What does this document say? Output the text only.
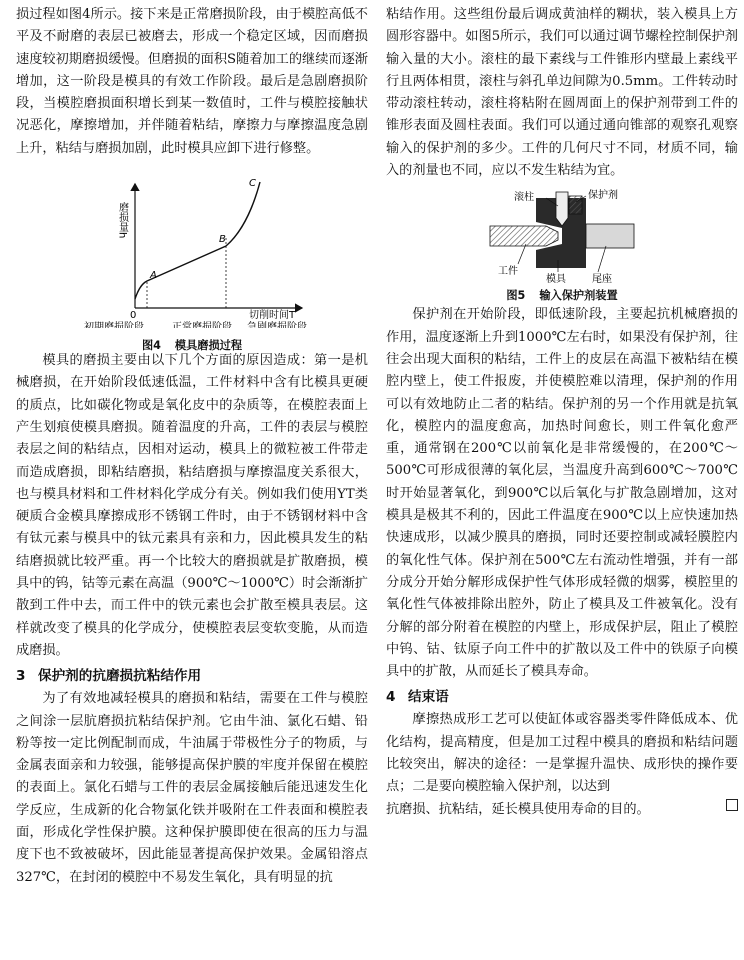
损过程如图4所示。接下来是正常磨损阶段，由于模腔高低不平及不耐磨的表层已被磨去，形成一个稳定区域，因而磨损速度较初期磨损缓慢。但磨损的面积S随着加工的继续而逐渐增加，这一阶段是模具的有效工作阶段。最后是急剧磨损阶段，当模腔磨损面积增长到某一数值时，工件与模腔接触状况恶化，摩擦增加，并伴随着粘结，摩擦力与摩擦温度急剧上升，粘结与磨损加剧，此时模具应卸下进行修整。

磨损量h
A
B
C
0	切削时间T
初期磨损阶段	正常磨损阶段 急剧磨损阶段
图4 模具磨损过程

模具的磨损主要由以下几个方面的原因造成：第一是机械磨损，在开始阶段低速低温，工件材料中含有比模具更硬的质点，比如碳化物或是氧化皮中的杂质等，在模腔表面上产生划痕使模具磨损。随着温度的升高，工件的表层与模腔表层之间的粘结点，因相对运动，模具上的微粒被工件带走而造成磨损，即粘结磨损，粘结磨损与摩擦温度关系很大，也与模具材料和工件材料化学成分有关。例如我们使用YT类硬质合金模具摩擦成形不锈钢工件时，由于不锈钢材料中含有钛元素与模具中的钛元素具有亲和力，因此模具发生的粘结磨损就比较严重。再一个比较大的磨损就是扩散磨损，模具中的钨，钴等元素在高温（900℃～1000℃）时会渐渐扩散到工件中去，而工件中的铁元素也会扩散至模具表层。这样就改变了模具的化学成分，使模腔表层变软变脆，从而造成磨损。

3 保护剂的抗磨损抗粘结作用

为了有效地减轻模具的磨损和粘结，需要在工件与模腔之间涂一层肮磨损抗粘结保护剂。它由牛油、氯化石蜡、铅粉等按一定比例配制而成，牛油属于带极性分子的物质，与金属表面亲和力较强，能够提高保护膜的牢度并保留在模腔的表面上。氯化石蜡与工件的表层金属接触后能迅速发生化学反应，生成新的化合物氯化铁并吸附在工件表面和模腔表面，形成化学性保护膜。这种保护膜即使在很高的压力与温度下也不致被破坏，因此能显著提高保护效果。金属铅溶点327℃，在封闭的模腔中不易发生氧化，具有明显的抗

粘结作用。这些组份最后调成黄油样的糊状，装入模具上方圆形容器中。如图5所示，我们可以通过调节螺栓控制保护剂输入量的大小。滚柱的最下素线与工件锥形内壁最上素线平行且两体相贯，滚柱与斜孔单边间隙为0.5mm。工件转动时带动滚柱转动，滚柱将粘附在圆周面上的保护剂带到工件的锥形表面及圆柱表面。我们可以通过通向锥部的观察孔观察输入的保护剂的多少。工件的几何尺寸不同，材质不同，输入的剂量也不同，应以不发生粘结为宜。

滚柱	保护剂
工件
模具	尾座
图5 输入保护剂装置

保护剂在开始阶段，即低速阶段，主要起抗机械磨损的作用，温度逐渐上升到1000℃左右时，如果没有保护剂，往往会出现大面积的粘结，工件上的皮层在高温下被粘结在模腔内壁上，使工件报废，并使模腔难以清理，保护剂的作用可以有效地防止二者的粘结。保护剂的另一个作用就是抗氧化，模腔内的温度愈高，加热时间愈长，则工件氧化愈严重，通常钢在200℃以前氧化是非常缓慢的，在200℃～500℃可形成很薄的氧化层，当温度升高到600℃～700℃时开始显著氧化，到900℃以后氧化与扩散急剧增加，这对模具是极其不利的，因此工件温度在900℃以上应快速加热快速成形，以减少膜具的磨损，同时还要控制或减轻膜腔内的氧化性气体。保护剂在500℃左右流动性增强，并有一部分成分开始分解形成保护性气体形成轻微的烟雾，模腔里的氧化性气体被排除出腔外，防止了模具及工件被氧化。没有分解的部分附着在模腔的内壁上，形成保护层，阻止了模腔中钨、钴、钛原子向工件中的扩散以及工件中的铁原子向模具中的扩散，从而延长了模具寿命。

4 结束语

摩擦热成形工艺可以使缸体或容器类零件降低成本、优化结构，提高精度，但是加工过程中模具的磨损和粘结问题比较突出，解决的途径：一是掌握升温快、成形快的操作要点；二是要向模腔输入保护剂，以达到

抗磨损、抗粘结，延长模具使用寿命的目的。
